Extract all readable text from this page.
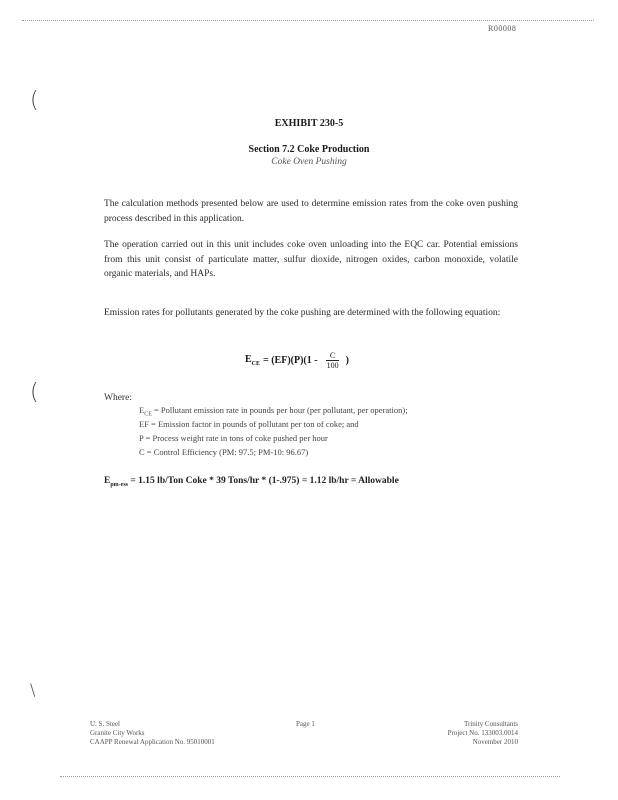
R00008
(
(
\
EXHIBIT 230-5
Section 7.2 Coke Production
Coke Oven Pushing
The calculation methods presented below are used to determine emission rates from the coke oven pushing process described in this application.
The operation carried out in this unit includes coke oven unloading into the EQC car. Potential emissions from this unit consist of particulate matter, sulfur dioxide, nitrogen oxides, carbon monoxide, volatile organic materials, and HAPs.
Emission rates for pollutants generated by the coke pushing are determined with the following equation:
$E_{CE} = (EF)(P)(1 - \frac{C}{100}$ )
Where:
$E_{CE}$ = Pollutant emission rate in pounds per hour (per pollutant, per operation);
EF = Emission factor in pounds of pollutant per ton of coke; and
P = Process weight rate in tons of coke pushed per hour
C = Control Efficiency (PM: 97.5; PM-10: 96.67)
$E_{pm-ess} = 1.15$ lb/Ton Coke * 39 Tons/hr * (1-.975) = 1.12 lb/hr = Allowable
U. S. Steel
Granite City Works
CAAPP Renewal Application No. 95010001
Page 1	Trinity Consultants
Project No. 133003.0014
November 2010
